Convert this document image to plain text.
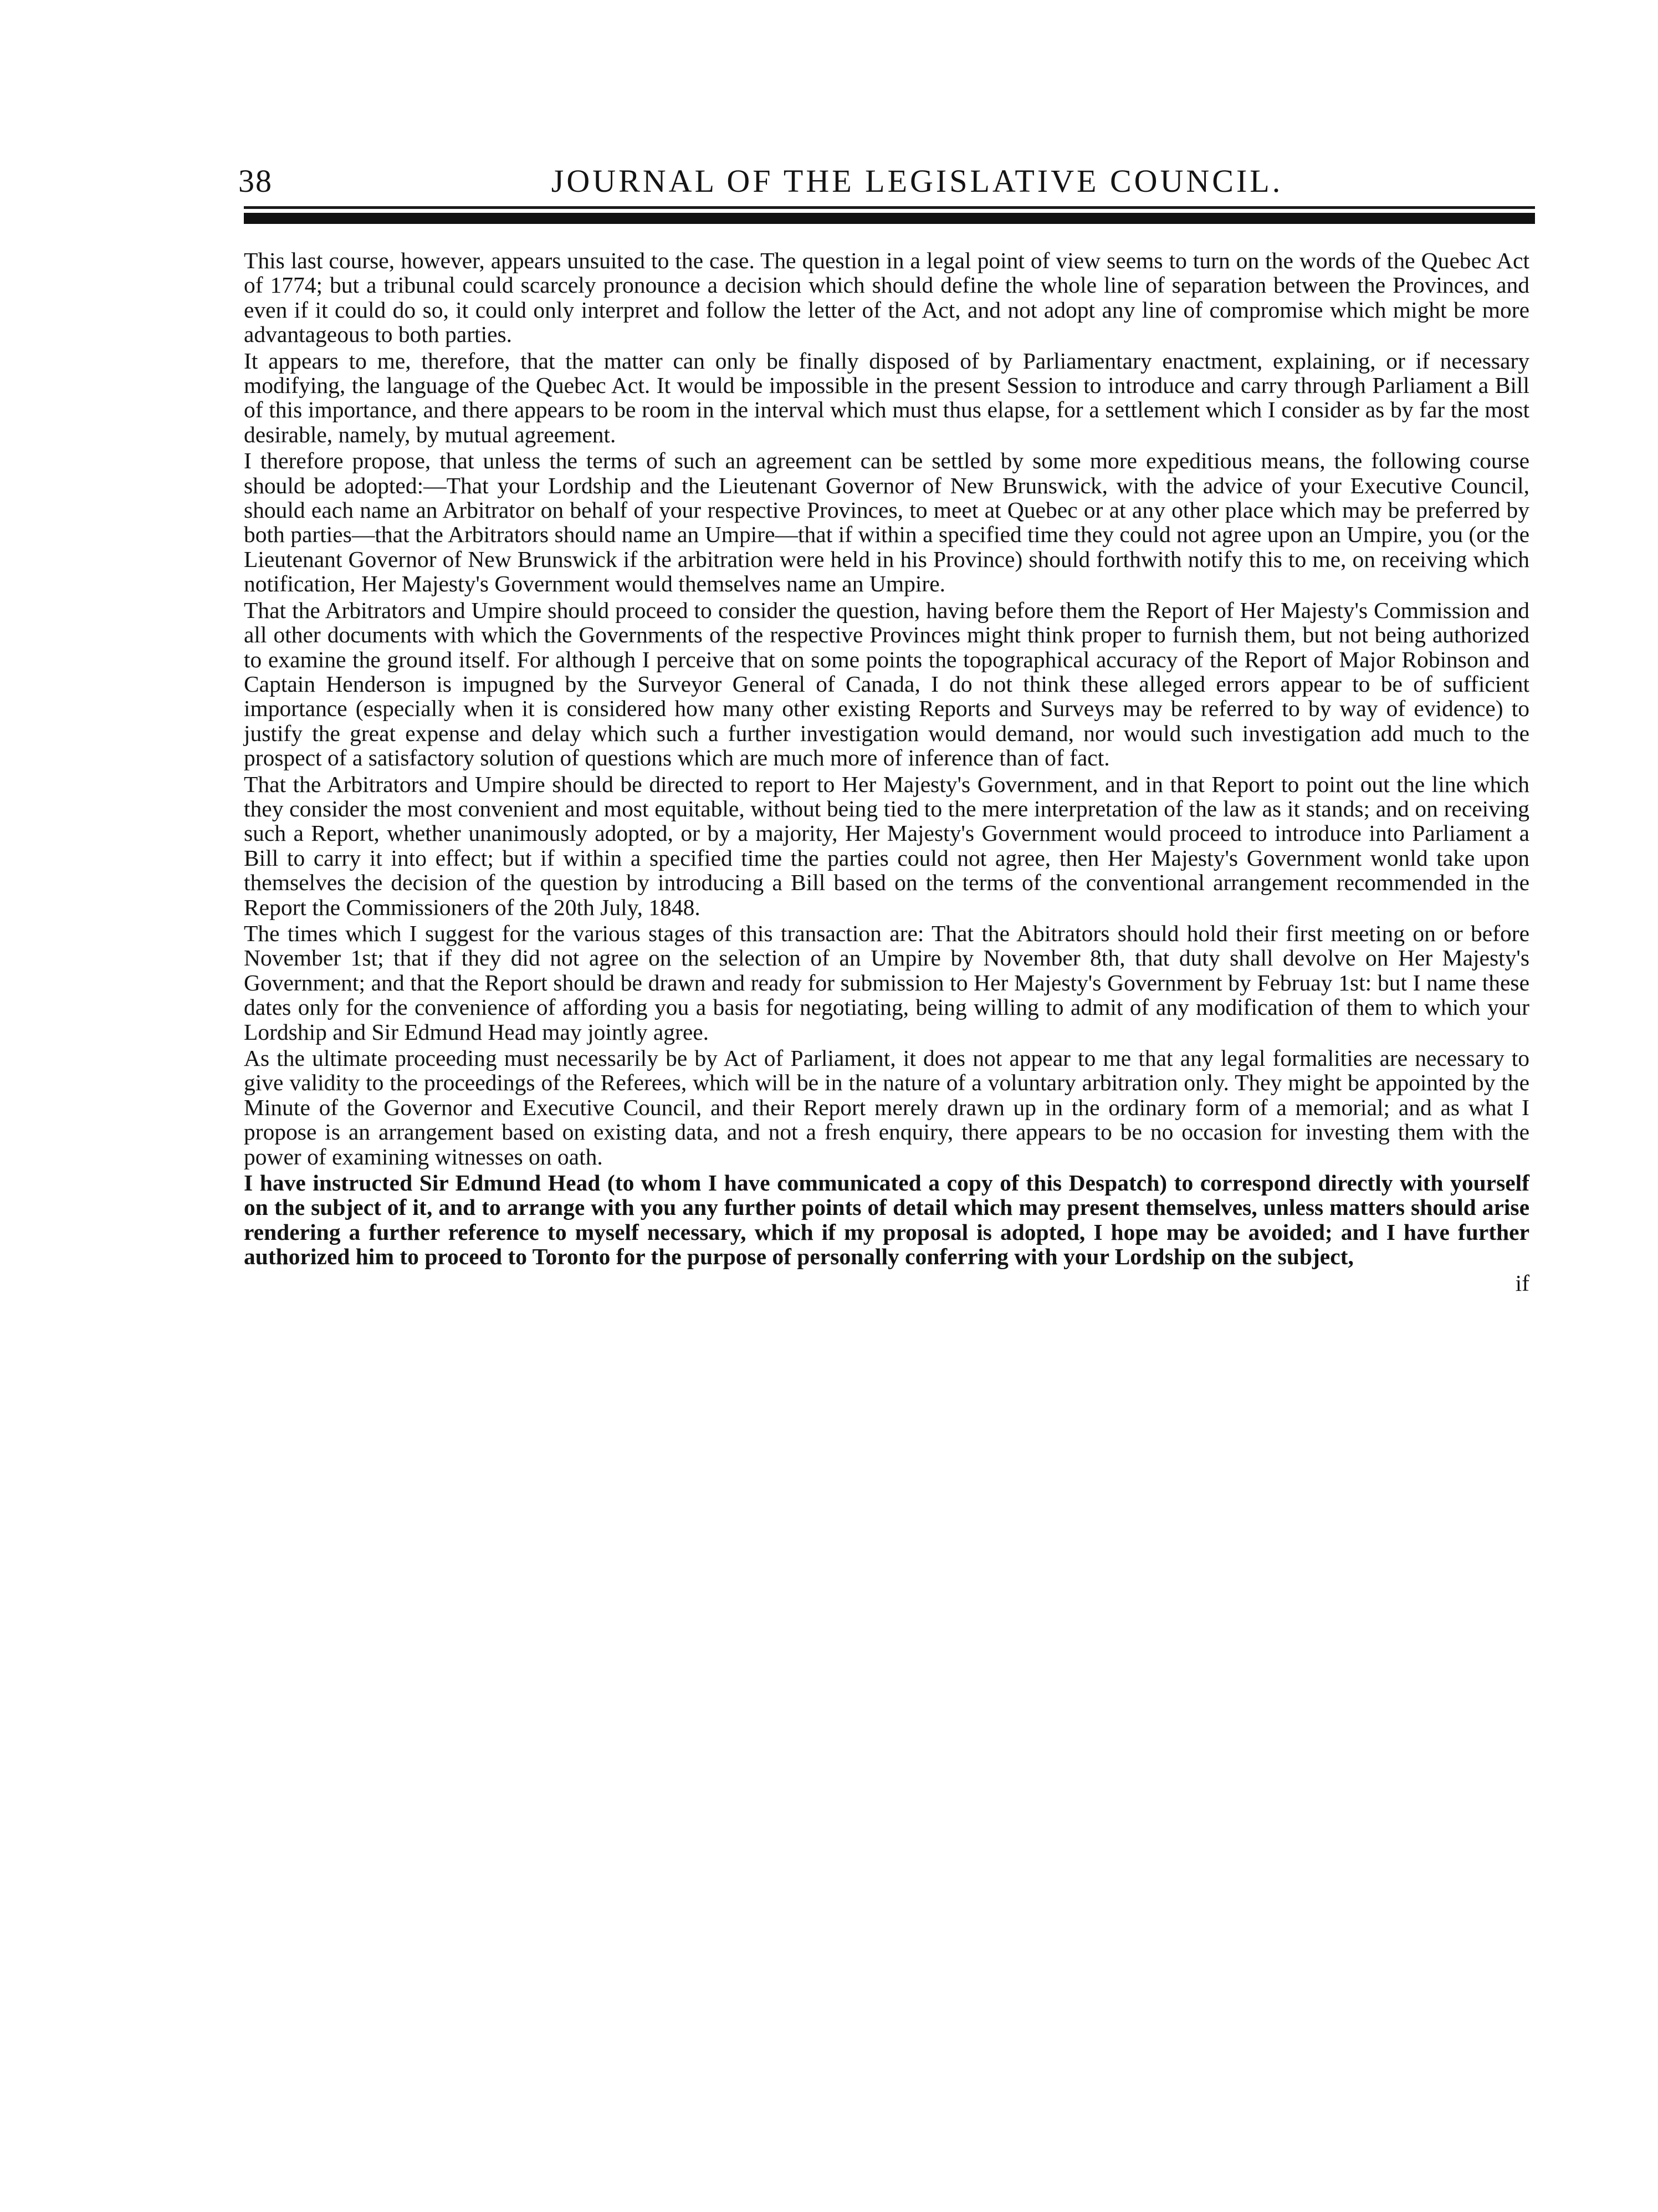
38	JOURNAL OF THE LEGISLATIVE COUNCIL.

This last course, however, appears unsuited to the case. The question in a legal point of view seems to turn on the words of the Quebec Act of 1774; but a tribunal could scarcely pronounce a decision which should define the whole line of separation between the Provinces, and even if it could do so, it could only interpret and follow the letter of the Act, and not adopt any line of compromise which might be more advantageous to both parties.

It appears to me, therefore, that the matter can only be finally disposed of by Parliamentary enactment, explaining, or if necessary modifying, the language of the Quebec Act. It would be impossible in the present Session to introduce and carry through Parliament a Bill of this importance, and there appears to be room in the interval which must thus elapse, for a settlement which I consider as by far the most desirable, namely, by mutual agreement.

I therefore propose, that unless the terms of such an agreement can be settled by some more expeditious means, the following course should be adopted:—That your Lordship and the Lieutenant Governor of New Brunswick, with the advice of your Executive Council, should each name an Arbitrator on behalf of your respective Provinces, to meet at Quebec or at any other place which may be preferred by both parties—that the Arbitrators should name an Umpire—that if within a specified time they could not agree upon an Umpire, you (or the Lieutenant Governor of New Brunswick if the arbitration were held in his Province) should forthwith notify this to me, on receiving which notification, Her Majesty's Government would themselves name an Umpire.

That the Arbitrators and Umpire should proceed to consider the question, having before them the Report of Her Majesty's Commission and all other documents with which the Governments of the respective Provinces might think proper to furnish them, but not being authorized to examine the ground itself. For although I perceive that on some points the topographical accuracy of the Report of Major Robinson and Captain Henderson is impugned by the Surveyor General of Canada, I do not think these alleged errors appear to be of sufficient importance (especially when it is considered how many other existing Reports and Surveys may be referred to by way of evidence) to justify the great expense and delay which such a further investigation would demand, nor would such investigation add much to the prospect of a satisfactory solution of questions which are much more of inference than of fact.

That the Arbitrators and Umpire should be directed to report to Her Majesty's Government, and in that Report to point out the line which they consider the most convenient and most equitable, without being tied to the mere interpretation of the law as it stands; and on receiving such a Report, whether unanimously adopted, or by a majority, Her Majesty's Government would proceed to introduce into Parliament a Bill to carry it into effect; but if within a specified time the parties could not agree, then Her Majesty's Government wonld take upon themselves the decision of the question by introducing a Bill based on the terms of the conventional arrangement recommended in the Report the Commissioners of the 20th July, 1848.

The times which I suggest for the various stages of this transaction are: That the Abitrators should hold their first meeting on or before November 1st; that if they did not agree on the selection of an Umpire by November 8th, that duty shall devolve on Her Majesty's Government; and that the Report should be drawn and ready for submission to Her Majesty's Government by Februay 1st: but I name these dates only for the convenience of affording you a basis for negotiating, being willing to admit of any modification of them to which your Lordship and Sir Edmund Head may jointly agree.

As the ultimate proceeding must necessarily be by Act of Parliament, it does not appear to me that any legal formalities are necessary to give validity to the proceedings of the Referees, which will be in the nature of a voluntary arbitration only. They might be appointed by the Minute of the Governor and Executive Council, and their Report merely drawn up in the ordinary form of a memorial; and as what I propose is an arrangement based on existing data, and not a fresh enquiry, there appears to be no occasion for investing them with the power of examining witnesses on oath.

I have instructed Sir Edmund Head (to whom I have communicated a copy of this Despatch) to correspond directly with yourself on the subject of it, and to arrange with you any further points of detail which may present themselves, unless matters should arise rendering a further reference to myself necessary, which if my proposal is adopted, I hope may be avoided; and I have further authorized him to proceed to Toronto for the purpose of personally conferring with your Lordship on the subject,

if
